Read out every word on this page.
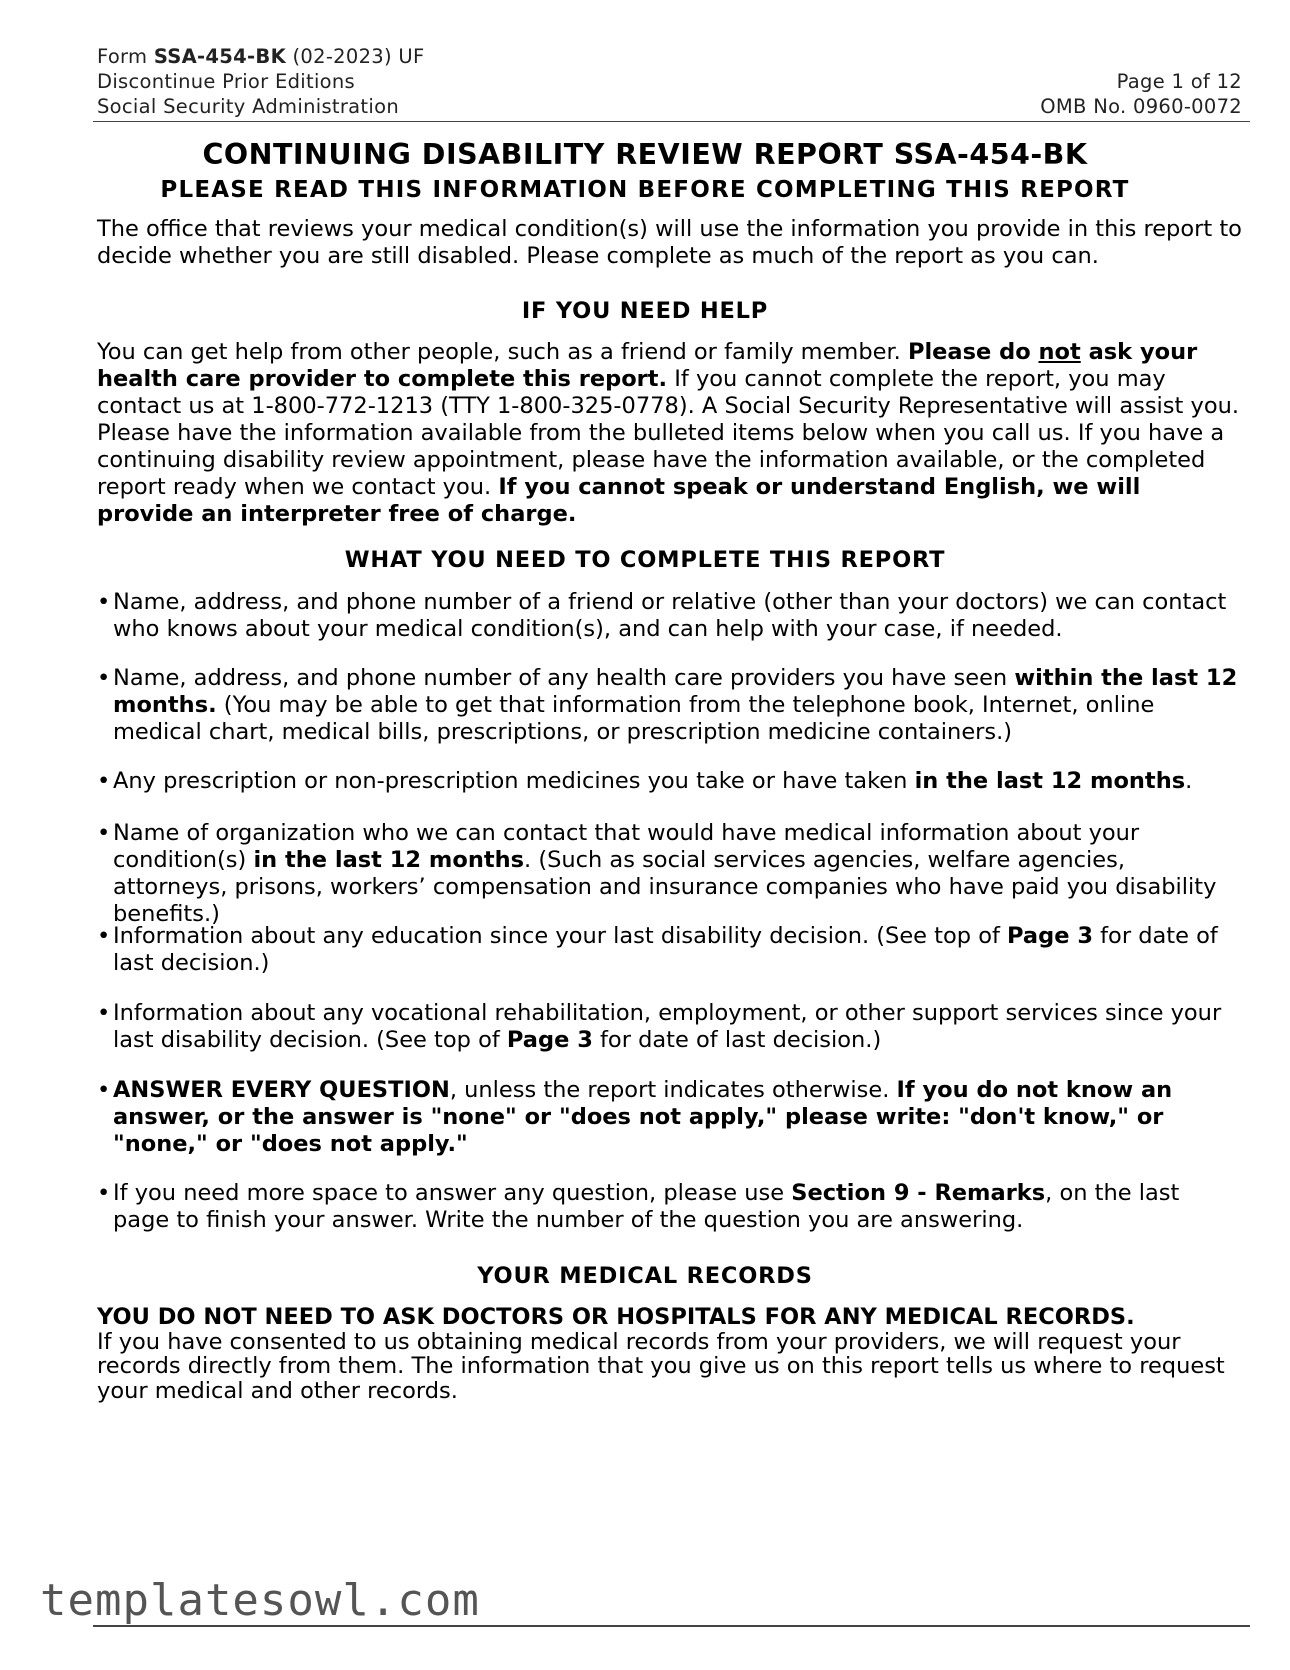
Form SSA-454-BK (02-2023) UF
Discontinue Prior Editions	Page 1 of 12
Social Security Administration	OMB No. 0960-0072
CONTINUING DISABILITY REVIEW REPORT SSA-454-BK
PLEASE READ THIS INFORMATION BEFORE COMPLETING THIS REPORT
The office that reviews your medical condition(s) will use the information you provide in this report to decide whether you are still disabled. Please complete as much of the report as you can.
IF YOU NEED HELP
You can get help from other people, such as a friend or family member. Please do not ask your health care provider to complete this report. If you cannot complete the report, you may contact us at 1-800-772-1213 (TTY 1-800-325-0778). A Social Security Representative will assist you. Please have the information available from the bulleted items below when you call us. If you have a continuing disability review appointment, please have the information available, or the completed report ready when we contact you. If you cannot speak or understand English, we will provide an interpreter free of charge.
WHAT YOU NEED TO COMPLETE THIS REPORT
• Name, address, and phone number of a friend or relative (other than your doctors) we can contact who knows about your medical condition(s), and can help with your case, if needed.
• Name, address, and phone number of any health care providers you have seen within the last 12 months. (You may be able to get that information from the telephone book, Internet, online medical chart, medical bills, prescriptions, or prescription medicine containers.)
• Any prescription or non-prescription medicines you take or have taken in the last 12 months.
• Name of organization who we can contact that would have medical information about your condition(s) in the last 12 months. (Such as social services agencies, welfare agencies, attorneys, prisons, workers’ compensation and insurance companies who have paid you disability benefits.)
• Information about any education since your last disability decision. (See top of Page 3 for date of last decision.)
• Information about any vocational rehabilitation, employment, or other support services since your last disability decision. (See top of Page 3 for date of last decision.)
• ANSWER EVERY QUESTION, unless the report indicates otherwise. If you do not know an answer, or the answer is "none" or "does not apply," please write: "don't know," or "none," or "does not apply."
• If you need more space to answer any question, please use Section 9 - Remarks, on the last page to finish your answer. Write the number of the question you are answering.
YOUR MEDICAL RECORDS
YOU DO NOT NEED TO ASK DOCTORS OR HOSPITALS FOR ANY MEDICAL RECORDS.
If you have consented to us obtaining medical records from your providers, we will request your records directly from them. The information that you give us on this report tells us where to request your medical and other records.
templatesowl.com
